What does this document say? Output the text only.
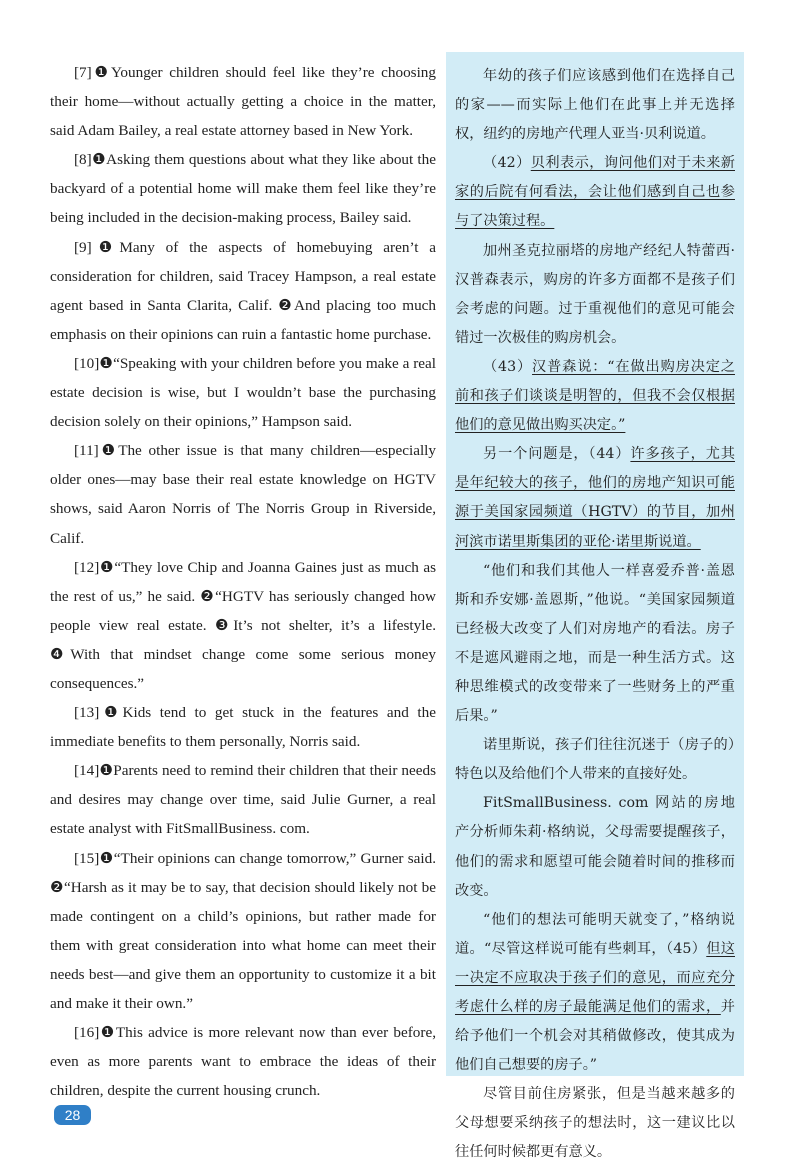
[7]❶Younger children should feel like they’re choosing their home—without actually getting a choice in the matter, said Adam Bailey, a real estate attorney based in New York.

[8]❶Asking them questions about what they like about the backyard of a potential home will make them feel like they’re being included in the decision-making process, Bailey said.

[9]❶Many of the aspects of homebuying aren’t a consideration for children, said Tracey Hampson, a real estate agent based in Santa Clarita, Calif. ❷And placing too much emphasis on their opinions can ruin a fantastic home purchase.

[10]❶“Speaking with your children before you make a real estate decision is wise, but I wouldn’t base the purchasing decision solely on their opinions,” Hampson said.

[11]❶The other issue is that many children—especially older ones—may base their real estate knowledge on HGTV shows, said Aaron Norris of The Norris Group in Riverside, Calif.

[12]❶“They love Chip and Joanna Gaines just as much as the rest of us,” he said. ❷“HGTV has seriously changed how people view real estate. ❸It’s not shelter, it’s a lifestyle. ❹With that mindset change come some serious money consequences.”

[13]❶Kids tend to get stuck in the features and the immediate benefits to them personally, Norris said.

[14]❶Parents need to remind their children that their needs and desires may change over time, said Julie Gurner, a real estate analyst with FitSmallBusiness. com.

[15]❶“Their opinions can change tomorrow,” Gurner said. ❷“Harsh as it may be to say, that decision should likely not be made contingent on a child’s opinions, but rather made for them with great consideration into what home can meet their needs best—and give them an opportunity to customize it a bit and make it their own.”

[16]❶This advice is more relevant now than ever before, even as more parents want to embrace the ideas of their children, despite the current housing crunch.

年幼的孩子们应该感到他们在选择自己的家——而实际上他们在此事上并无选择权，纽约的房地产代理人亚当·贝利说道。

（42）贝利表示，询问他们对于未来新家的后院有何看法，会让他们感到自己也参与了决策过程。

加州圣克拉丽塔的房地产经纪人特蕾西·汉普森表示，购房的许多方面都不是孩子们会考虑的问题。过于重视他们的意见可能会错过一次极佳的购房机会。

（43）汉普森说：“在做出购房决定之前和孩子们谈谈是明智的，但我不会仅根据他们的意见做出购买决定。”

另一个问题是，（44）许多孩子，尤其是年纪较大的孩子，他们的房地产知识可能源于美国家园频道（HGTV）的节目，加州河滨市诺里斯集团的亚伦·诺里斯说道。

“他们和我们其他人一样喜爱乔普·盖恩斯和乔安娜·盖恩斯，”他说。“美国家园频道已经极大改变了人们对房地产的看法。房子不是遮风避雨之地，而是一种生活方式。这种思维模式的改变带来了一些财务上的严重后果。”

诺里斯说，孩子们往往沉迷于（房子的）特色以及给他们个人带来的直接好处。

FitSmallBusiness. com 网站的房地产分析师朱莉·格纳说，父母需要提醒孩子，他们的需求和愿望可能会随着时间的推移而改变。

“他们的想法可能明天就变了，”格纳说道。“尽管这样说可能有些刺耳，（45）但这一决定不应取决于孩子们的意见，而应充分考虑什么样的房子最能满足他们的需求，并给予他们一个机会对其稍做修改，使其成为他们自己想要的房子。”

尽管目前住房紧张，但是当越来越多的父母想要采纳孩子的想法时，这一建议比以往任何时候都更有意义。

28
